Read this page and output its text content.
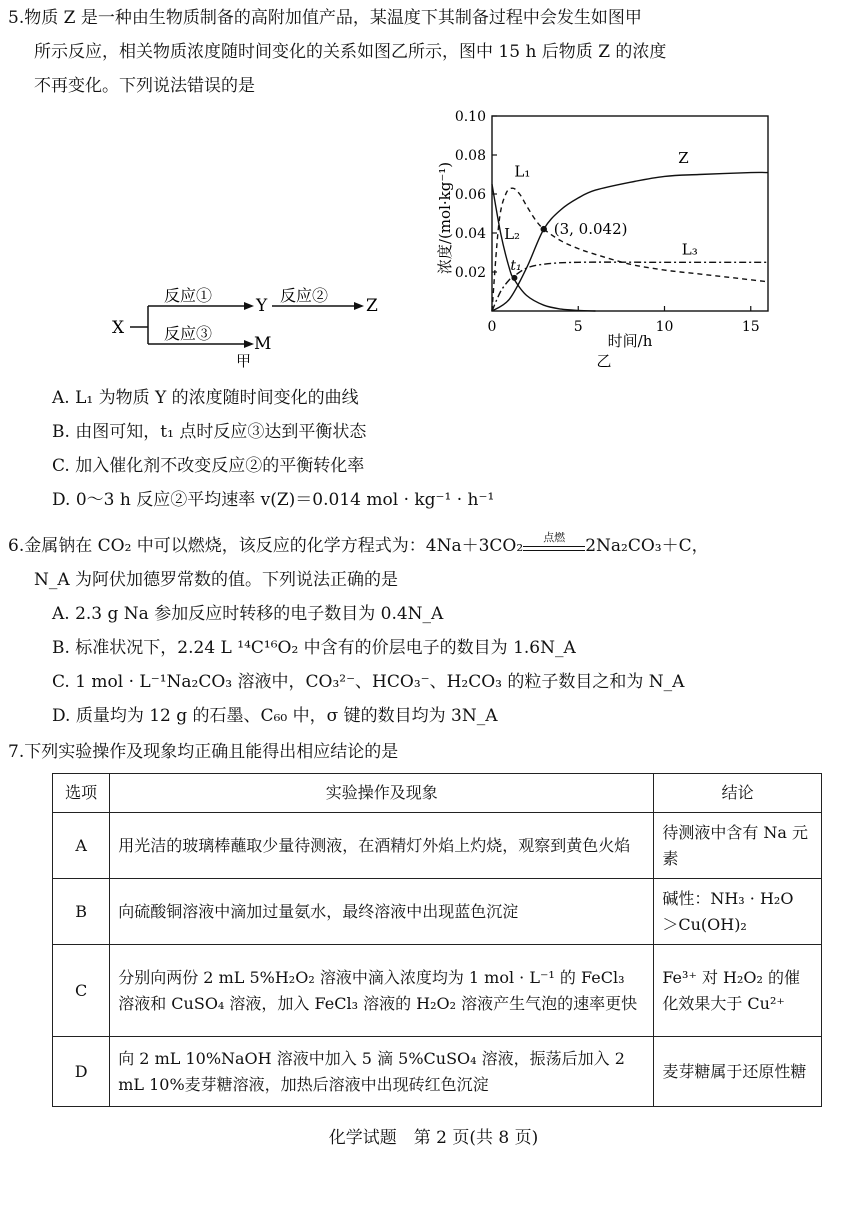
5.物质 Z 是一种由生物质制备的高附加值产品，某温度下其制备过程中会发生如图甲
所示反应，相关物质浓度随时间变化的关系如图乙所示，图中 15 h 后物质 Z 的浓度
不再变化。下列说法错误的是
X
反应①
Y
反应②
Z
反应③
M
甲
浓度/(mol·kg⁻¹)
时间/h
乙
0.02
0.04
0.06
0.08
0.10
0	5	10	15
Z
L₁
L₂
L₃
(3, 0.042)
t₁
A. L₁ 为物质 Y 的浓度随时间变化的曲线
B. 由图可知，t₁ 点时反应③达到平衡状态
C. 加入催化剂不改变反应②的平衡转化率
D. 0～3 h 反应②平均速率 v(Z)＝0.014 mol · kg⁻¹ · h⁻¹
6.金属钠在 CO₂ 中可以燃烧，该反应的化学方程式为：4Na＋3CO₂	点燃	2Na₂CO₃＋C，
N_A 为阿伏加德罗常数的值。下列说法正确的是
A. 2.3 g Na 参加反应时转移的电子数目为 0.4N_A
B. 标准状况下，2.24 L ¹⁴C¹⁶O₂ 中含有的价层电子的数目为 1.6N_A
C. 1 mol · L⁻¹Na₂CO₃ 溶液中，CO₃²⁻、HCO₃⁻、H₂CO₃ 的粒子数目之和为 N_A
D. 质量均为 12 g 的石墨、C₆₀ 中，σ 键的数目均为 3N_A
7.下列实验操作及现象均正确且能得出相应结论的是
选项	实验操作及现象	结论
A	用光洁的玻璃棒蘸取少量待测液，在酒精灯外焰上灼烧，观察到黄色火焰	待测液中含有 Na 元素
B	向硫酸铜溶液中滴加过量氨水，最终溶液中出现蓝色沉淀	碱性：NH₃ · H₂O ＞Cu(OH)₂
C	分别向两份 2 mL 5%H₂O₂ 溶液中滴入浓度均为 1 mol · L⁻¹ 的 FeCl₃ 溶液和 CuSO₄ 溶液，加入 FeCl₃ 溶液的 H₂O₂ 溶液产生气泡的速率更快	Fe³⁺ 对 H₂O₂ 的催化效果大于 Cu²⁺
D	向 2 mL 10%NaOH 溶液中加入 5 滴 5%CuSO₄ 溶液，振荡后加入 2 mL 10%麦芽糖溶液，加热后溶液中出现砖红色沉淀	麦芽糖属于还原性糖
化学试题　第 2 页(共 8 页)
